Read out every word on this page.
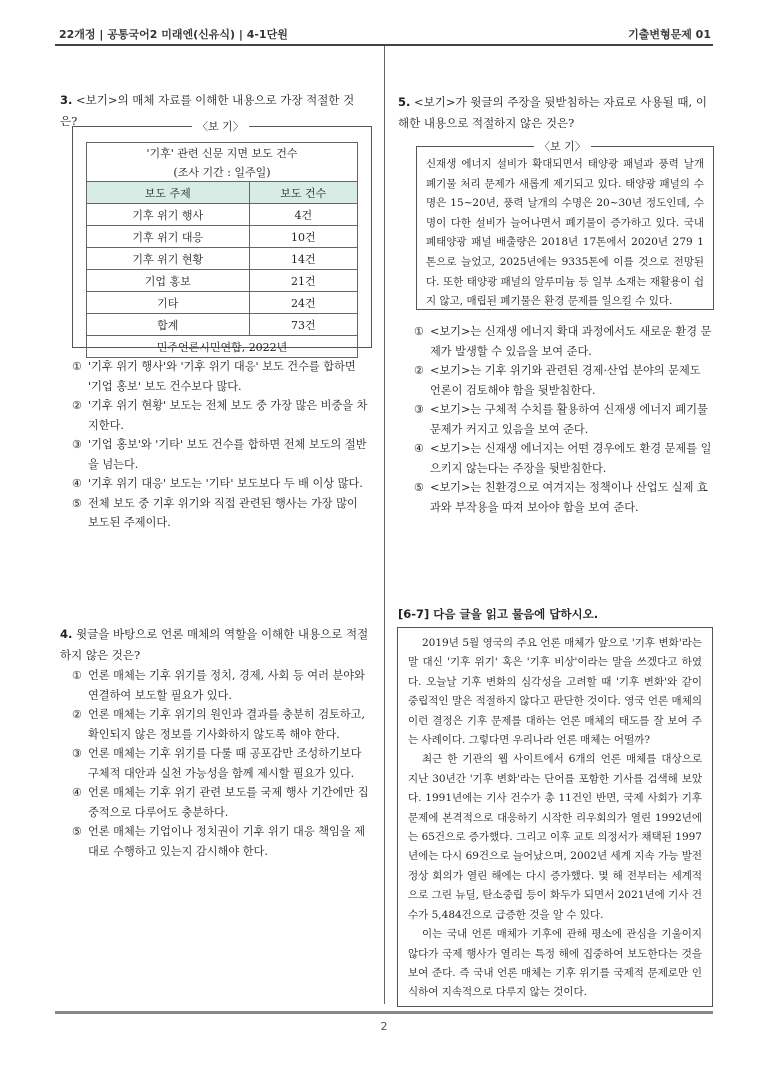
22개정 | 공통국어2 미래엔(신유식) | 4-1단원	기출변형문제 01
3. <보기>의 매체 자료를 이해한 내용으로 가장 적절한 것은?	〈보 기〉
'기후' 관련 신문 지면 보도 건수	
(조사 기간 : 일주일)	
보도 주제	보도 건수
기후 위기 행사	4건
기후 위기 대응	10건
기후 위기 현황	14건
기업 홍보	21건
기타	24건
합계	73건
민주언론시민연합, 2022년	
① '기후 위기 행사'와 '기후 위기 대응' 보도 건수를 합하면 '기업 홍보' 보도 건수보다 많다.
② '기후 위기 현황' 보도는 전체 보도 중 가장 많은 비중을 차지한다.
③ '기업 홍보'와 '기타' 보도 건수를 합하면 전체 보도의 절반을 넘는다.
④ '기후 위기 대응' 보도는 '기타' 보도보다 두 배 이상 많다.
⑤ 전체 보도 중 기후 위기와 직접 관련된 행사는 가장 많이 보도된 주제이다.
4. 윗글을 바탕으로 언론 매체의 역할을 이해한 내용으로 적절하지 않은 것은?
① 언론 매체는 기후 위기를 정치, 경제, 사회 등 여러 분야와 연결하여 보도할 필요가 있다.
② 언론 매체는 기후 위기의 원인과 결과를 충분히 검토하고, 확인되지 않은 정보를 기사화하지 않도록 해야 한다.
③ 언론 매체는 기후 위기를 다룰 때 공포감만 조성하기보다 구체적 대안과 실천 가능성을 함께 제시할 필요가 있다.
④ 언론 매체는 기후 위기 관련 보도를 국제 행사 기간에만 집중적으로 다루어도 충분하다.
⑤ 언론 매체는 기업이나 정치권이 기후 위기 대응 책임을 제대로 수행하고 있는지 감시해야 한다.
5. <보기>가 윗글의 주장을 뒷받침하는 자료로 사용될 때, 이해한 내용으로 적절하지 않은 것은?
〈보 기〉
신재생 에너지 설비가 확대되면서 태양광 패널과 풍력 날개 폐기물 처리 문제가 새롭게 제기되고 있다. 태양광 패널의 수명은 15~20년, 풍력 날개의 수명은 20~30년 정도인데, 수명이 다한 설비가 늘어나면서 폐기물이 증가하고 있다. 국내 폐태양광 패널 배출량은 2018년 17톤에서 2020년 279 1톤으로 늘었고, 2025년에는 9335톤에 이를 것으로 전망된다. 또한 태양광 패널의 알루미늄 등 일부 소재는 재활용이 쉽지 않고, 매립된 폐기물은 환경 문제를 일으킬 수 있다.
① <보기>는 신재생 에너지 확대 과정에서도 새로운 환경 문제가 발생할 수 있음을 보여 준다.
② <보기>는 기후 위기와 관련된 경제·산업 분야의 문제도 언론이 검토해야 함을 뒷받침한다.
③ <보기>는 구체적 수치를 활용하여 신재생 에너지 폐기물 문제가 커지고 있음을 보여 준다.
④ <보기>는 신재생 에너지는 어떤 경우에도 환경 문제를 일으키지 않는다는 주장을 뒷받침한다.
⑤ <보기>는 친환경으로 여겨지는 정책이나 산업도 실제 효과와 부작용을 따져 보아야 함을 보여 준다.
[6-7] 다음 글을 읽고 물음에 답하시오.

2019년 5월 영국의 주요 언론 매체가 앞으로 '기후 변화'라는 말 대신 '기후 위기' 혹은 '기후 비상'이라는 말을 쓰겠다고 하였다. 오늘날 기후 변화의 심각성을 고려할 때 '기후 변화'와 같이 중립적인 말은 적절하지 않다고 판단한 것이다. 영국 언론 매체의 이런 결정은 기후 문제를 대하는 언론 매체의 태도를 잘 보여 주는 사례이다. 그렇다면 우리나라 언론 매체는 어떨까?

최근 한 기관의 웹 사이트에서 6개의 언론 매체를 대상으로 지난 30년간 '기후 변화'라는 단어를 포함한 기사를 검색해 보았다. 1991년에는 기사 건수가 총 11건인 반면, 국제 사회가 기후 문제에 본격적으로 대응하기 시작한 리우회의가 열린 1992년에는 65건으로 증가했다. 그리고 이후 교토 의정서가 채택된 1997년에는 다시 69건으로 늘어났으며, 2002년 세계 지속 가능 발전 정상 회의가 열린 해에는 다시 증가했다. 몇 해 전부터는 세계적으로 그린 뉴딜, 탄소중립 등이 화두가 되면서 2021년에 기사 건수가 5,484건으로 급증한 것을 알 수 있다.

이는 국내 언론 매체가 기후에 관해 평소에 관심을 기울이지 않다가 국제 행사가 열리는 특정 해에 집중하여 보도한다는 것을 보여 준다. 즉 국내 언론 매체는 기후 위기를 국제적 문제로만 인식하여 지속적으로 다루지 않는 것이다.

2
